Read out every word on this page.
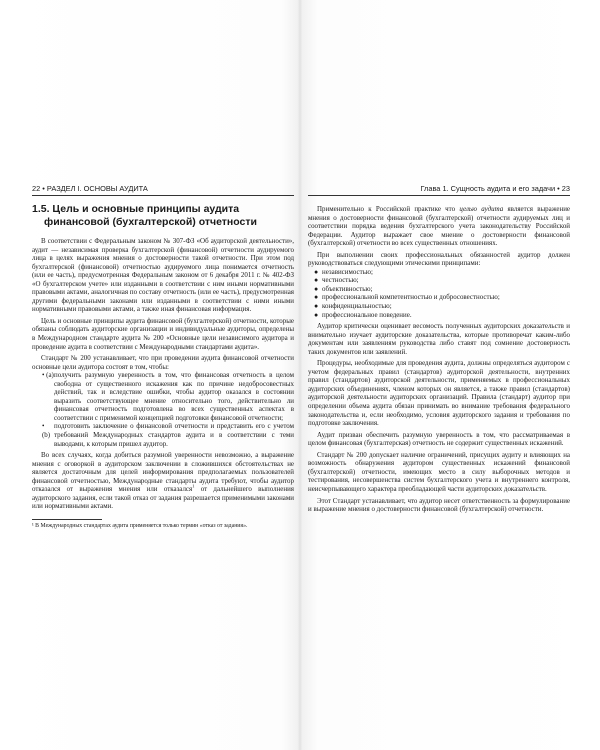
22 • РАЗДЕЛ I. ОСНОВЫ АУДИТА
1.5. Цель и основные принципы аудита финансовой (бухгалтерской) отчетности

В соответствии с Федеральным законом № 307-ФЗ «Об аудиторской деятельности», аудит — независимая проверка бухгалтерской (финансовой) отчетности аудируемого лица в целях выражения мнения о достоверности такой отчетности. При этом под бухгалтерской (финансовой) отчетностью аудируемого лица понимается отчетность (или ее часть), предусмотренная Федеральным законом от 6 декабря 2011 г. № 402-ФЗ «О бухгалтерском учете» или изданными в соответствии с ним иными нормативными правовыми актами, аналогичная по составу отчетность (или ее часть), предусмотренная другими федеральными законами или изданными в соответствии с ними иными нормативными правовыми актами, а также иная финансовая информация.

Цель и основные принципы аудита финансовой (бухгалтерской) отчетности, которые обязаны соблюдать аудиторские организации и индивидуальные аудиторы, определены в Международном стандарте аудита № 200 «Основные цели независимого аудитора и проведение аудита в соответствии с Международными стандартами аудита».

Стандарт № 200 устанавливает, что при проведении аудита финансовой отчетности основные цели аудитора состоят в том, чтобы:

• (a) получить разумную уверенность в том, что финансовая отчетность в целом свободна от существенного искажения как по причине недобросовестных действий, так и вследствие ошибки, чтобы аудитор оказался в состоянии выразить соответствующее мнение относительно того, действительно ли финансовая отчетность подготовлена во всех существенных аспектах в соответствии с применимой концепцией подготовки финансовой отчетности;
• (b)
подготовить заключение о финансовой отчетности и представить его с учетом требований Международных стандартов аудита и в соответствии с теми выводами, к которым пришел аудитор.

Во всех случаях, когда добиться разумной уверенности невозможно, а выражение мнения с оговоркой в аудиторском заключении в сложившихся обстоятельствах не является достаточным для целей информирования предполагаемых пользователей финансовой отчетностью, Международные стандарты аудита требуют, чтобы аудитор отказался от выражения мнения или отказался$^1$ от дальнейшего выполнения аудиторского задания, если такой отказ от задания разрешается применимыми законами или нормативными актами.

¹ В Международных стандартах аудита применяется только термин «отказ от задания».
Глава 1. Сущность аудита и его задачи • 23

Применительно к Российской практике что целью аудита является выражение мнения о достоверности финансовой (бухгалтерской) отчетности аудируемых лиц и соответствии порядка ведения бухгалтерского учета законодательству Российской Федерации. Аудитор выражает свое мнение о достоверности финансовой (бухгалтерской) отчетности во всех существенных отношениях.

При выполнении своих профессиональных обязанностей аудитор должен руководствоваться следующими этическими принципами:

● независимостью;
● честностью;
● объективностью;
● профессиональной компетентностью и добросовестностью;
● конфиденциальностью;
● профессиональное поведение.

Аудитор критически оценивает весомость полученных аудиторских доказательств и внимательно изучает аудиторские доказательства, которые противоречат каким-либо документам или заявлениям руководства либо ставят под сомнение достоверность таких документов или заявлений.

Процедуры, необходимые для проведения аудита, должны определяться аудитором с учетом федеральных правил (стандартов) аудиторской деятельности, внутренних правил (стандартов) аудиторской деятельности, применяемых в профессиональных аудиторских объединениях, членом которых он является, а также правил (стандартов) аудиторской деятельности аудиторских организаций. Правила (стандарт) аудитор при определении объема аудита обязан принимать во внимание требования федерального законодательства и, если необходимо, условия аудиторского задания и требования по подготовке заключения.

Аудит призван обеспечить разумную уверенность в том, что рассматриваемая в целом финансовая (бухгалтерская) отчетность не содержит существенных искажений.

Стандарт № 200 допускает наличие ограничений, присущих аудиту и влияющих на возможность обнаружения аудитором существенных искажений финансовой (бухгалтерской) отчетности, имеющих место в силу выборочных методов и тестирования, несовершенства систем бухгалтерского учета и внутреннего контроля, неисчерпывающего характера преобладающей части аудиторских доказательств.

Этот Стандарт устанавливает, что аудитор несет ответственность за формулирование и выражение мнения о достоверности финансовой (бухгалтерской) отчетности.
